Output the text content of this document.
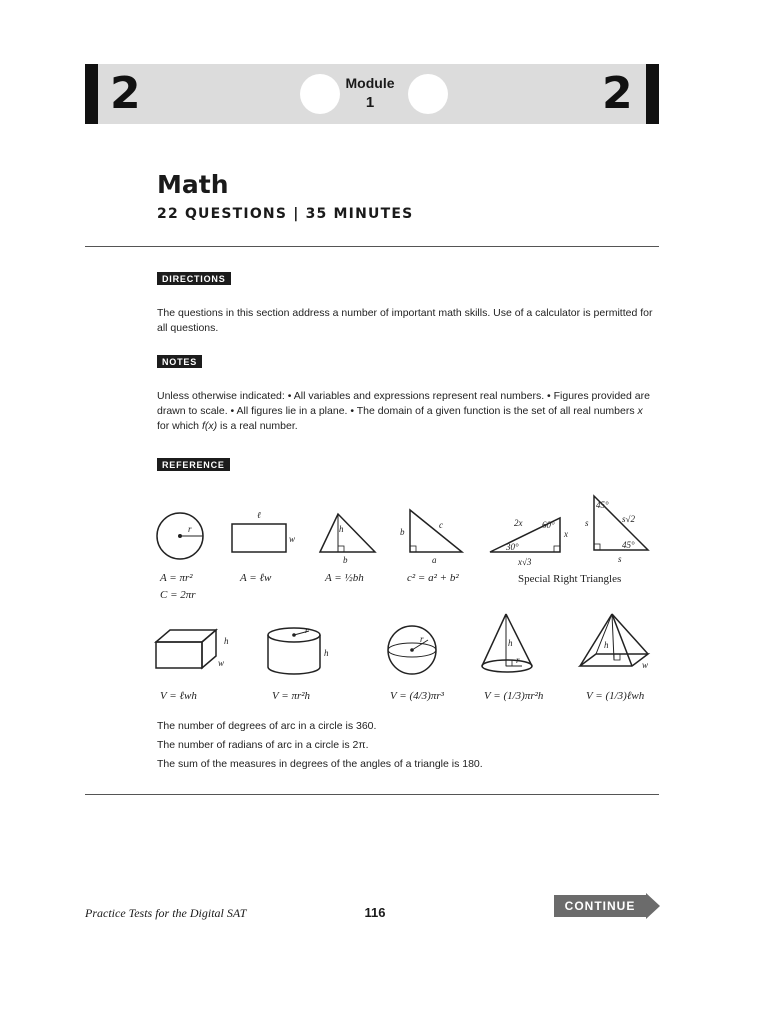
2	2
Module
1
Math
22 QUESTIONS | 35 MINUTES
DIRECTIONS
The questions in this section address a number of important math skills. Use of a calculator is permitted for all questions.
NOTES
Unless otherwise indicated: • All variables and expressions represent real numbers. • Figures provided are drawn to scale. • All figures lie in a plane. • The domain of a given function is the set of all real numbers x for which f(x) is a real number.
REFERENCE
r
ℓ
w
h
b
b
c
a
2x 60°
x
30°
x√3
45°
s	s√2
45°
s
A = πr²
C = 2πr
A = ℓw	A = ½bh	c² = a² + b²	Special Right Triangles
h
w
r
h
r	h
r
h
w
V = ℓwh	V = πr²h	V = (4/3)πr³	V = (1/3)πr²h	V = (1/3)ℓwh
The number of degrees of arc in a circle is 360.
The number of radians of arc in a circle is 2π.
The sum of the measures in degrees of the angles of a triangle is 180.
Practice Tests for the Digital SAT	116	CONTINUE
